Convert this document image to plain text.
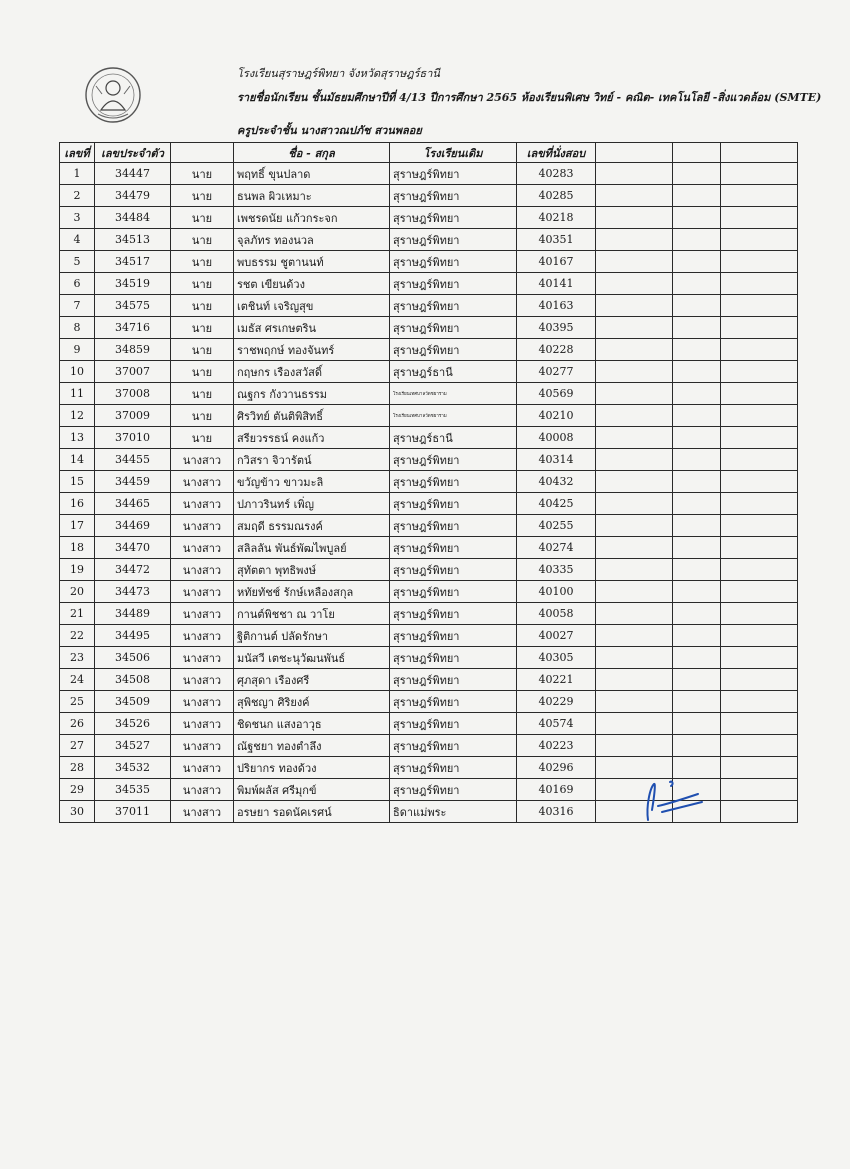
โรงเรียนสุราษฎร์พิทยา จังหวัดสุราษฎร์ธานี
รายชื่อนักเรียน ชั้นมัธยมศึกษาปีที่ 4/13 ปีการศึกษา 2565 ห้องเรียนพิเศษ วิทย์ - คณิต- เทคโนโลยี -สิ่งแวดล้อม (SMTE)
ครูประจำชั้น นางสาวณปภัช สวนพลอย
เลขที่	เลขประจำตัว		ชื่อ - สกุล	โรงเรียนเดิม	เลขที่นั่งสอบ			
1	34447	นาย	พฤทธิ์ ขุนปลาด	สุราษฎร์พิทยา	40283			
2	34479	นาย	ธนพล ผิวเหมาะ	สุราษฎร์พิทยา	40285			
3	34484	นาย	เพชรดนัย แก้วกระจก	สุราษฎร์พิทยา	40218			
4	34513	นาย	จุลภัทร ทองนวล	สุราษฎร์พิทยา	40351			
5	34517	นาย	พบธรรม ชูตานนท์	สุราษฎร์พิทยา	40167			
6	34519	นาย	รชต เขียนด้วง	สุราษฎร์พิทยา	40141			
7	34575	นาย	เตชินท์ เจริญสุข	สุราษฎร์พิทยา	40163			
8	34716	นาย	เมธัส ศรเกษตริน	สุราษฎร์พิทยา	40395			
9	34859	นาย	ราชพฤกษ์ ทองจันทร์	สุราษฎร์พิทยา	40228			
10	37007	นาย	กฤษกร เรืองสวัสดิ์	สุราษฎร์ธานี	40277			
11	37008	นาย	ณฐกร กังวานธรรม	โรงเรียนเทศบาลวัดชยาราม	40569			
12	37009	นาย	ศิรวิทย์ ตันติพิสิทธิ์	โรงเรียนเทศบาลวัดชยาราม	40210			
13	37010	นาย	สรียวรรธน์ คงแก้ว	สุราษฎร์ธานี	40008			
14	34455	นางสาว	กวิสรา จิวารัตน์	สุราษฎร์พิทยา	40314			
15	34459	นางสาว	ขวัญข้าว ขาวมะลิ	สุราษฎร์พิทยา	40432			
16	34465	นางสาว	ปภาวรินทร์ เพิ่ญ	สุราษฎร์พิทยา	40425			
17	34469	นางสาว	สมฤดี ธรรมณรงค์	สุราษฎร์พิทยา	40255			
18	34470	นางสาว	สลิลลัน พันธ์พัฒไพบูลย์	สุราษฎร์พิทยา	40274			
19	34472	นางสาว	สุทัตตา พุทธิพงษ์	สุราษฎร์พิทยา	40335			
20	34473	นางสาว	หทัยทัชช์ รักษ์เหลืองสกุล	สุราษฎร์พิทยา	40100			
21	34489	นางสาว	กานต์พิชชา ณ วาโย	สุราษฎร์พิทยา	40058			
22	34495	นางสาว	ฐิติกานต์ ปลัดรักษา	สุราษฎร์พิทยา	40027			
23	34506	นางสาว	มนัสวี เตชะนุวัฒนพันธ์	สุราษฎร์พิทยา	40305			
24	34508	นางสาว	ศุภสุดา เรืองศรี	สุราษฎร์พิทยา	40221			
25	34509	นางสาว	สุพิชญา ศิริยงค์	สุราษฎร์พิทยา	40229			
26	34526	นางสาว	ชิดชนก แสงอาวุธ	สุราษฎร์พิทยา	40574			
27	34527	นางสาว	ณัฐชยา ทองตำลึง	สุราษฎร์พิทยา	40223			
28	34532	นางสาว	ปริยากร ทองด้วง	สุราษฎร์พิทยา	40296			
29	34535	นางสาว	พิมพ์ผลัส ศรีมุกข์	สุราษฎร์พิทยา	40169			
30	37011	นางสาว	อรษยา รอดนัคเรศน์	ธิดาแม่พระ	40316			
